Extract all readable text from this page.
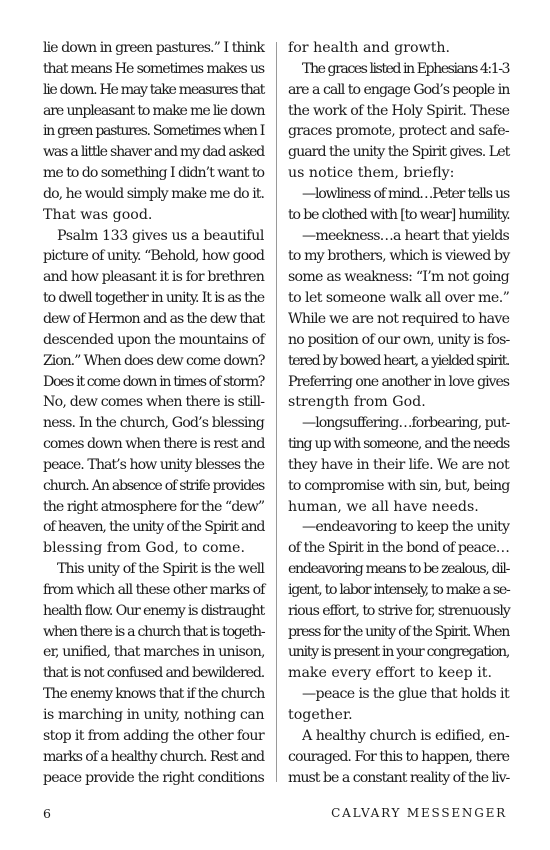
lie down in green pastures.” I think
that means He sometimes makes us
lie down. He may take measures that
are unpleasant to make me lie down
in green pastures. Sometimes when I
was a little shaver and my dad asked
me to do something I didn’t want to
do, he would simply make me do it.
That was good.
Psalm 133 gives us a beautiful
picture of unity. “Behold, how good
and how pleasant it is for brethren
to dwell together in unity. It is as the
dew of Hermon and as the dew that
descended upon the mountains of
Zion.” When does dew come down?
Does it come down in times of storm?
No, dew comes when there is still-
ness. In the church, God’s blessing
comes down when there is rest and
peace. That’s how unity blesses the
church. An absence of strife provides
the right atmosphere for the “dew”
of heaven, the unity of the Spirit and
blessing from God, to come.
This unity of the Spirit is the well
from which all these other marks of
health flow. Our enemy is distraught
when there is a church that is togeth-
er, unified, that marches in unison,
that is not confused and bewildered.
The enemy knows that if the church
is marching in unity, nothing can
stop it from adding the other four
marks of a healthy church. Rest and
peace provide the right conditions
for health and growth.
The graces listed in Ephesians 4:1-3
are a call to engage God’s people in
the work of the Holy Spirit. These
graces promote, protect and safe-
guard the unity the Spirit gives. Let
us notice them, briefly:
—lowliness of mind…Peter tells us
to be clothed with [to wear] humility.
—meekness…a heart that yields
to my brothers, which is viewed by
some as weakness: “I’m not going
to let someone walk all over me.”
While we are not required to have
no position of our own, unity is fos-
tered by bowed heart, a yielded spirit.
Preferring one another in love gives
strength from God.
—longsuffering…forbearing, put-
ting up with someone, and the needs
they have in their life. We are not
to compromise with sin, but, being
human, we all have needs.
—endeavoring to keep the unity
of the Spirit in the bond of peace…
endeavoring means to be zealous, dil-
igent, to labor intensely, to make a se-
rious effort, to strive for, strenuously
press for the unity of the Spirit. When
unity is present in your congregation,
make every effort to keep it.
—peace is the glue that holds it
together.
A healthy church is edified, en-
couraged. For this to happen, there
must be a constant reality of the liv-
6	CALVARY MESSENGER
